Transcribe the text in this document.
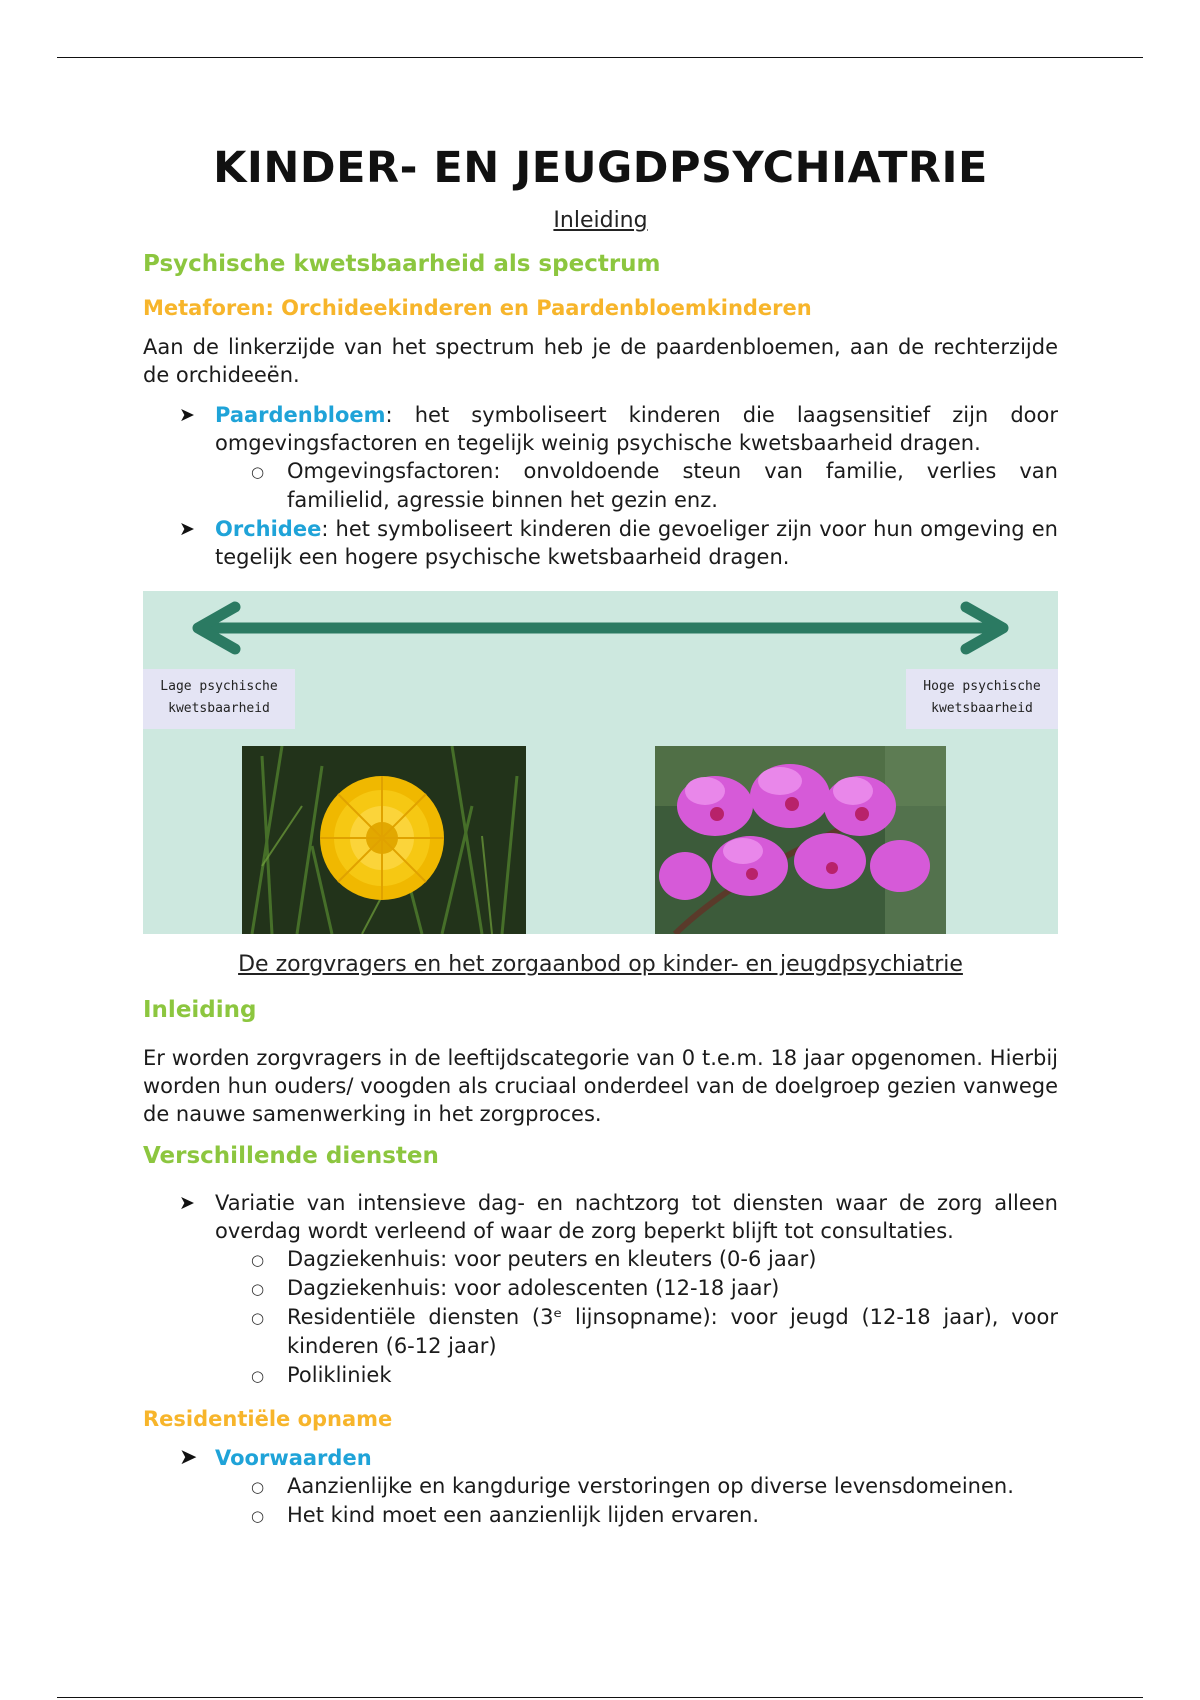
KINDER- EN JEUGDPSYCHIATRIE
Inleiding
Psychische kwetsbaarheid als spectrum
Metaforen: Orchideekinderen en Paardenbloemkinderen

Aan de linkerzijde van het spectrum heb je de paardenbloemen, aan de rechterzijde de orchideeën.

➤ Paardenbloem: het symboliseert kinderen die laagsensitief zijn door omgevingsfactoren en tegelijk weinig psychische kwetsbaarheid dragen.
○ Omgevingsfactoren: onvoldoende steun van familie, verlies van familielid, agressie binnen het gezin enz.
➤ Orchidee: het symboliseert kinderen die gevoeliger zijn voor hun omgeving en tegelijk een hogere psychische kwetsbaarheid dragen.
Lage psychische
kwetsbaarheid
Hoge psychische
kwetsbaarheid
De zorgvragers en het zorgaanbod op kinder- en jeugdpsychiatrie
Inleiding

Er worden zorgvragers in de leeftijdscategorie van 0 t.e.m. 18 jaar opgenomen. Hierbij worden hun ouders/ voogden als cruciaal onderdeel van de doelgroep gezien vanwege de nauwe samenwerking in het zorgproces.

Verschillende diensten
➤ Variatie van intensieve dag- en nachtzorg tot diensten waar de zorg alleen overdag wordt verleend of waar de zorg beperkt blijft tot consultaties.
○ Dagziekenhuis: voor peuters en kleuters (0-6 jaar)
○ Dagziekenhuis: voor adolescenten (12-18 jaar)
○ Residentiële diensten (3ᵉ lijnsopname): voor jeugd (12-18 jaar), voor kinderen (6-12 jaar)
○ Polikliniek
Residentiële opname
➤ Voorwaarden
○ Aanzienlijke en kangdurige verstoringen op diverse levensdomeinen.
○ Het kind moet een aanzienlijk lijden ervaren.
